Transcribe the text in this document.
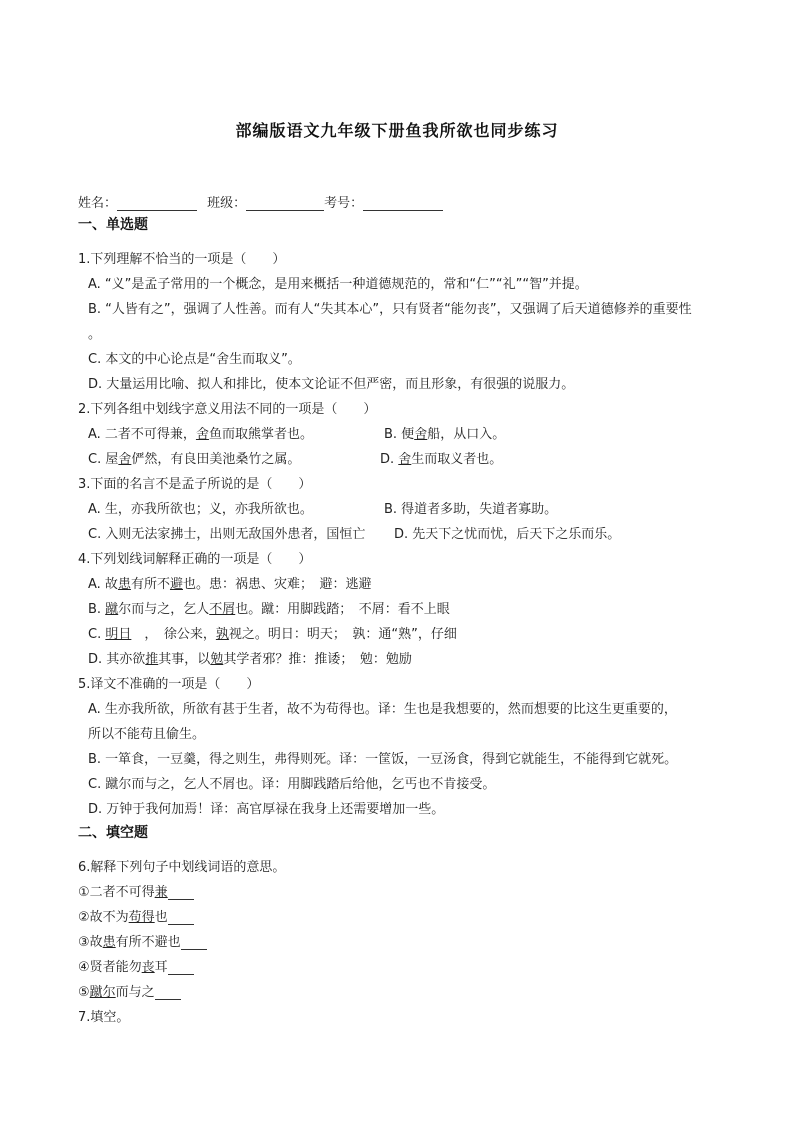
部编版语文九年级下册鱼我所欲也同步练习
姓名：	班级：	考号：
一、单选题
1.下列理解不恰当的一项是（　　）
A. “义”是孟子常用的一个概念，是用来概括一种道德规范的，常和“仁”“礼”“智”并提。
B. “人皆有之”，强调了人性善。而有人“失其本心”，只有贤者“能勿丧”，又强调了后天道德修养的重要性
。
C. 本文的中心论点是“舍生而取义”。
D. 大量运用比喻、拟人和排比，使本文论证不但严密，而且形象，有很强的说服力。
2.下列各组中划线字意义用法不同的一项是（　　）
A. 二者不可得兼，舍鱼而取熊掌者也。	B. 便舍船，从口入。
C. 屋舍俨然，有良田美池桑竹之属。	D. 舍生而取义者也。
3.下面的名言不是孟子所说的是（　　）
A. 生，亦我所欲也；义，亦我所欲也。	B. 得道者多助，失道者寡助。
C. 入则无法家拂士，出则无敌国外患者，国恒亡 D. 先天下之忧而忧，后天下之乐而乐。
4.下列划线词解释正确的一项是（　　）
A. 故患有所不避也。患：祸患、灾难；　避：逃避
B. 蹴尔而与之，乞人不屑也。蹴：用脚践踏；　不屑：看不上眼
C. 明日　，　徐公来，孰视之。明日：明天；　孰：通“熟”，仔细
D. 其亦欲推其事，以勉其学者邪？推：推诿；　勉：勉励
5.译文不准确的一项是（　　）
A. 生亦我所欲，所欲有甚于生者，故不为苟得也。译：生也是我想要的，然而想要的比这生更重要的，
所以不能苟且偷生。
B. 一箪食，一豆羹，得之则生，弗得则死。译：一筐饭，一豆汤食，得到它就能生，不能得到它就死。
C. 蹴尔而与之，乞人不屑也。译：用脚践踏后给他，乞丐也不肯接受。
D. 万钟于我何加焉！译：高官厚禄在我身上还需要增加一些。
二、填空题
6.解释下列句子中划线词语的意思。
①二者不可得兼
②故不为苟得也
③故患有所不避也
④贤者能勿丧耳
⑤蹴尔而与之
7.填空。
